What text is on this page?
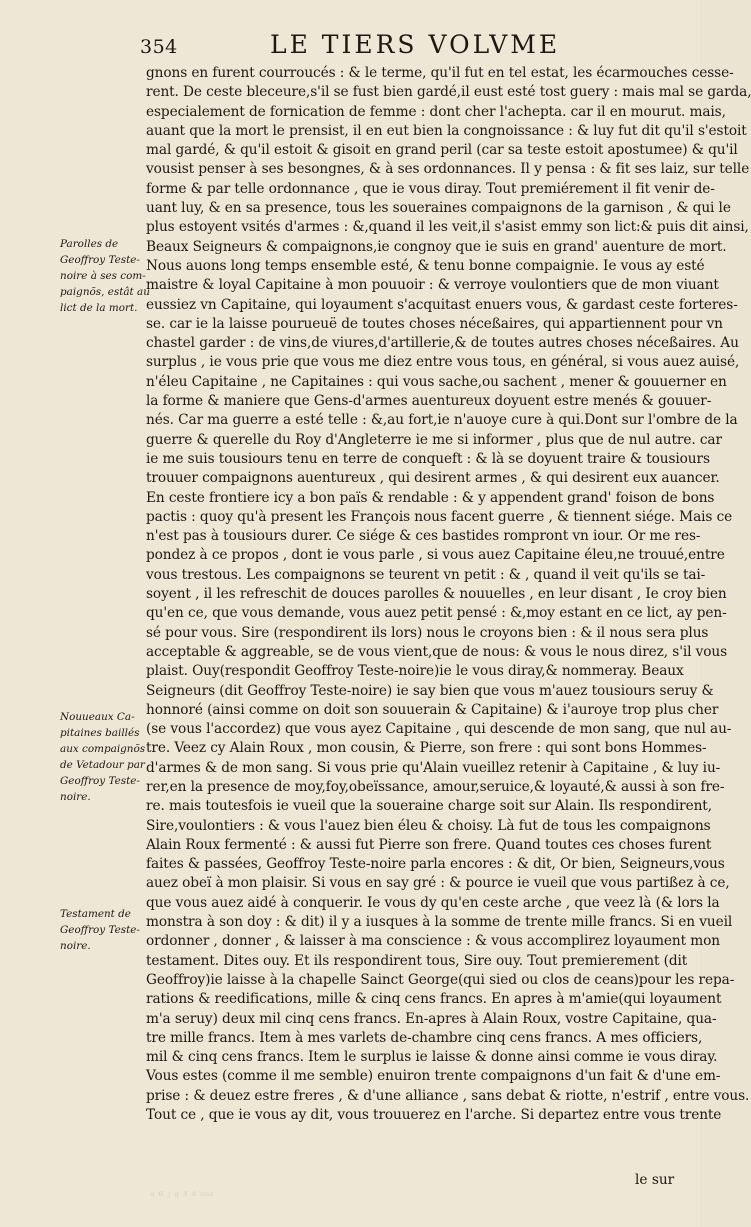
354	LE TIERS VOLVME
Parolles de
Geoffroy Teste-
noire à ses com-
paignõs, estât au
lict de la mort.
Nouueaux Ca-
pitaines baillés
aux compaignõs
de Vetadour par
Geoffroy Teste-
noire.
Testament de
Geoffroy Teste-
noire.
gnons en furent courroucés : & le terme, qu'il fut en tel estat, les écarmouches cesse-
rent. De ceste bleceure,s'il se fust bien gardé,il eust esté tost guery : mais mal se garda,
especialement de fornication de femme : dont cher l'achepta. car il en mourut. mais,
auant que la mort le prensist, il en eut bien la congnoissance : & luy fut dit qu'il s'estoit
mal gardé, & qu'il estoit & gisoit en grand peril (car sa teste estoit apostumee) & qu'il
vousist penser à ses besongnes, & à ses ordonnances. Il y pensa : & fit ses laiz, sur telle
forme & par telle ordonnance , que ie vous diray. Tout premiérement il fit venir de-
uant luy, & en sa presence, tous les soueraines compaignons de la garnison , & qui le
plus estoyent vsités d'armes : &,quand il les veit,il s'asist emmy son lict:& puis dit ainsi,
Beaux Seigneurs & compaignons,ie congnoy que ie suis en grand' auenture de mort.
Nous auons long temps ensemble esté, & tenu bonne compaignie. Ie vous ay esté
maistre & loyal Capitaine à mon pouuoir : & verroye voulontiers que de mon viuant
eussiez vn Capitaine, qui loyaument s'acquitast enuers vous, & gardast ceste forteres-
se. car ie la laisse pourueuë de toutes choses néceßaires, qui appartiennent pour vn
chastel garder : de vins,de viures,d'artillerie,& de toutes autres choses néceßaires. Au
surplus , ie vous prie que vous me diez entre vous tous, en général, si vous auez auisé,
n'éleu Capitaine , ne Capitaines : qui vous sache,ou sachent , mener & gouuerner en
la forme & maniere que Gens-d'armes auentureux doyuent estre menés & gouuer-
nés. Car ma guerre a esté telle : &,au fort,ie n'auoye cure à qui.Dont sur l'ombre de la
guerre & querelle du Roy d'Angleterre ie me si informer , plus que de nul autre. car
ie me suis tousiours tenu en terre de conqueft : & là se doyuent traire & tousiours
trouuer compaignons auentureux , qui desirent armes , & qui desirent eux auancer.
En ceste frontiere icy a bon païs & rendable : & y appendent grand' foison de bons
pactis : quoy qu'à present les François nous facent guerre , & tiennent siége. Mais ce
n'est pas à tousiours durer. Ce siége & ces bastides rompront vn iour. Or me res-
pondez à ce propos , dont ie vous parle , si vous auez Capitaine éleu,ne trouué,entre
vous trestous. Les compaignons se teurent vn petit : & , quand il veit qu'ils se tai-
soyent , il les refreschit de douces parolles & nouuelles , en leur disant , Ie croy bien
qu'en ce, que vous demande, vous auez petit pensé : &,moy estant en ce lict, ay pen-
sé pour vous. Sire (respondirent ils lors) nous le croyons bien : & il nous sera plus
acceptable & aggreable, se de vous vient,que de nous: & vous le nous direz, s'il vous
plaist. Ouy(respondit Geoffroy Teste-noire)ie le vous diray,& nommeray. Beaux
Seigneurs (dit Geoffroy Teste-noire) ie say bien que vous m'auez tousiours seruy &
honnoré (ainsi comme on doit son souuerain & Capitaine) & i'auroye trop plus cher
(se vous l'accordez) que vous ayez Capitaine , qui descende de mon sang, que nul au-
tre. Veez cy Alain Roux , mon cousin, & Pierre, son frere : qui sont bons Hommes-
d'armes & de mon sang. Si vous prie qu'Alain vueillez retenir à Capitaine , & luy iu-
rer,en la presence de moy,foy,obeïssance, amour,seruice,& loyauté,& aussi à son fre-
re. mais toutesfois ie vueil que la soueraine charge soit sur Alain. Ils respondirent,
Sire,voulontiers : & vous l'auez bien éleu & choisy. Là fut de tous les compaignons
Alain Roux fermenté : & aussi fut Pierre son frere. Quand toutes ces choses furent
faites & passées, Geoffroy Teste-noire parla encores : & dit, Or bien, Seigneurs,vous
auez obeï à mon plaisir. Si vous en say gré : & pource ie vueil que vous partißez à ce,
que vous auez aidé à conquerir. Ie vous dy qu'en ceste arche , que veez là (& lors la
monstra à son doy : & dit) il y a iusques à la somme de trente mille francs. Si en vueil
ordonner , donner , & laisser à ma conscience : & vous accomplirez loyaument mon
testament. Dites ouy. Et ils respondirent tous, Sire ouy. Tout premierement (dit
Geoffroy)ie laisse à la chapelle Sainct George(qui sied ou clos de ceans)pour les repa-
rations & reedifications, mille & cinq cens francs. En apres à m'amie(qui loyaument
m'a seruy) deux mil cinq cens francs. En-apres à Alain Roux, vostre Capitaine, qua-
tre mille francs. Item à mes varlets de-chambre cinq cens francs. A mes officiers,
mil & cinq cens francs. Item le surplus ie laisse & donne ainsi comme ie vous diray.
Vous estes (comme il me semble) enuiron trente compaignons d'un fait & d'une em-
prise : & deuez estre freres , & d'une alliance , sans debat & riotte, n'estrif , entre vous.
Tout ce , que ie vous ay dit, vous trouuerez en l'arche. Si departez entre vous trente
le sur
ᵉ ⁶ ʲ ᵍ ³ ᵈ ᵒⁿˢ
